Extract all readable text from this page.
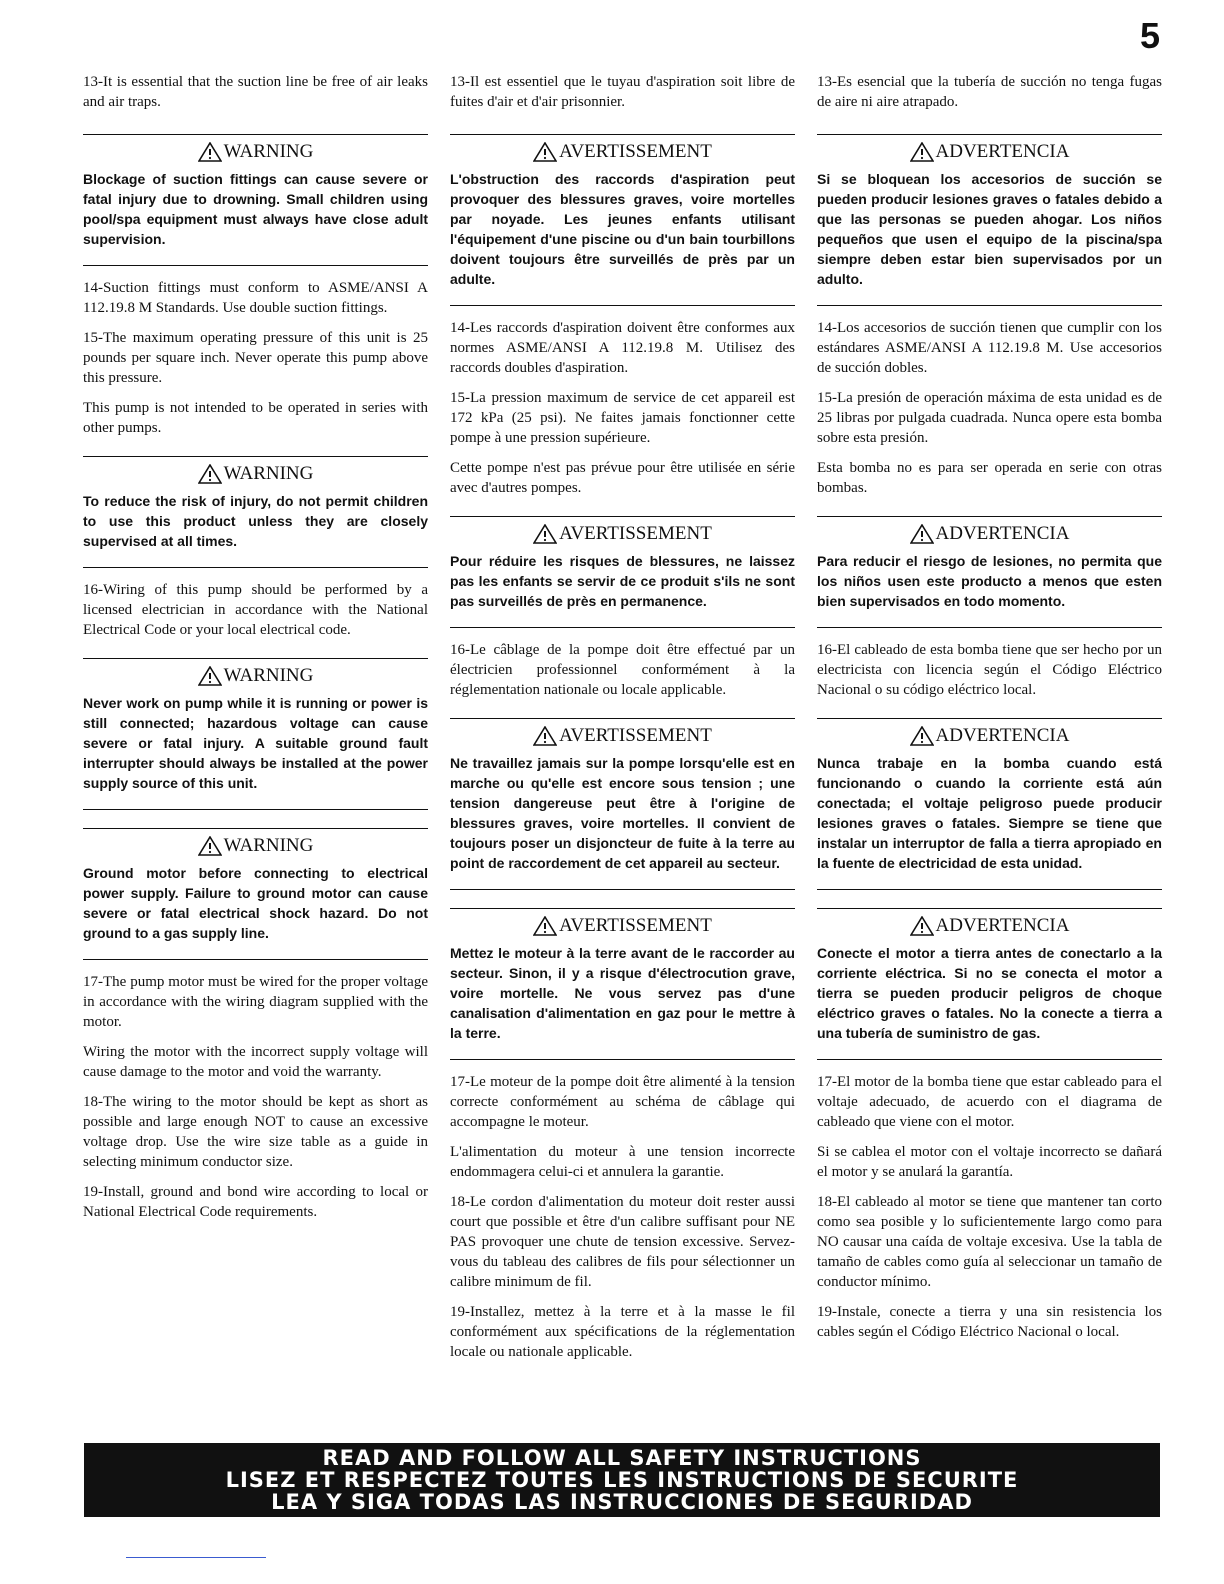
5

13-It is essential that the suction line be free of air leaks and air traps.

WARNING

Blockage of suction fittings can cause severe or fatal injury due to drowning. Small children using pool/spa equipment must always have close adult supervision.

14-Suction fittings must conform to ASME/ANSI A 112.19.8 M Standards. Use double suction fittings.

15-The maximum operating pressure of this unit is 25 pounds per square inch. Never operate this pump above this pressure.

This pump is not intended to be operated in series with other pumps.

WARNING

To reduce the risk of injury, do not permit children to use this product unless they are closely supervised at all times.

16-Wiring of this pump should be performed by a licensed electrician in accordance with the National Electrical Code or your local electrical code.

WARNING

Never work on pump while it is running or power is still connected; hazardous voltage can cause severe or fatal injury. A suitable ground fault interrupter should always be installed at the power supply source of this unit.

WARNING

Ground motor before connecting to electrical power supply. Failure to ground motor can cause severe or fatal electrical shock hazard. Do not ground to a gas supply line.

17-The pump motor must be wired for the proper voltage in accordance with the wiring diagram supplied with the motor.

Wiring the motor with the incorrect supply voltage will cause damage to the motor and void the warranty.

18-The wiring to the motor should be kept as short as possible and large enough NOT to cause an excessive voltage drop. Use the wire size table as a guide in selecting minimum conductor size.

19-Install, ground and bond wire according to local or National Electrical Code requirements.

13-Il est essentiel que le tuyau d'aspiration soit libre de fuites d'air et d'air prisonnier.

AVERTISSEMENT

L'obstruction des raccords d'aspiration peut provoquer des blessures graves, voire mortelles par noyade. Les jeunes enfants utilisant l'équipement d'une piscine ou d'un bain tourbillons doivent toujours être surveillés de près par un adulte.

14-Les raccords d'aspiration doivent être conformes aux normes ASME/ANSI A 112.19.8 M. Utilisez des raccords doubles d'aspiration.

15-La pression maximum de service de cet appareil est 172 kPa (25 psi). Ne faites jamais fonctionner cette pompe à une pression supérieure.

Cette pompe n'est pas prévue pour être utilisée en série avec d'autres pompes.

AVERTISSEMENT

Pour réduire les risques de blessures, ne laissez pas les enfants se servir de ce produit s'ils ne sont pas surveillés de près en permanence.

16-Le câblage de la pompe doit être effectué par un électricien professionnel conformément à la réglementation nationale ou locale applicable.

AVERTISSEMENT

Ne travaillez jamais sur la pompe lorsqu'elle est en marche ou qu'elle est encore sous tension ; une tension dangereuse peut être à l'origine de blessures graves, voire mortelles. Il convient de toujours poser un disjoncteur de fuite à la terre au point de raccordement de cet appareil au secteur.

AVERTISSEMENT

Mettez le moteur à la terre avant de le raccorder au secteur. Sinon, il y a risque d'électrocution grave, voire mortelle. Ne vous servez pas d'une canalisation d'alimentation en gaz pour le mettre à la terre.

17-Le moteur de la pompe doit être alimenté à la tension correcte conformément au schéma de câblage qui accompagne le moteur.

L'alimentation du moteur à une tension incorrecte endommagera celui-ci et annulera la garantie.

18-Le cordon d'alimentation du moteur doit rester aussi court que possible et être d'un calibre suffisant pour NE PAS provoquer une chute de tension excessive. Servez-vous du tableau des calibres de fils pour sélectionner un calibre minimum de fil.

19-Installez, mettez à la terre et à la masse le fil conformément aux spécifications de la réglementation locale ou nationale applicable.

13-Es esencial que la tubería de succión no tenga fugas de aire ni aire atrapado.

ADVERTENCIA

Si se bloquean los accesorios de succión se pueden producir lesiones graves o fatales debido a que las personas se pueden ahogar. Los niños pequeños que usen el equipo de la piscina/spa siempre deben estar bien supervisados por un adulto.

14-Los accesorios de succión tienen que cumplir con los estándares ASME/ANSI A 112.19.8 M. Use accesorios de succión dobles.

15-La presión de operación máxima de esta unidad es de 25 libras por pulgada cuadrada. Nunca opere esta bomba sobre esta presión.

Esta bomba no es para ser operada en serie con otras bombas.

ADVERTENCIA

Para reducir el riesgo de lesiones, no permita que los niños usen este producto a menos que esten bien supervisados en todo momento.

16-El cableado de esta bomba tiene que ser hecho por un electricista con licencia según el Código Eléctrico Nacional o su código eléctrico local.

ADVERTENCIA

Nunca trabaje en la bomba cuando está funcionando o cuando la corriente está aún conectada; el voltaje peligroso puede producir lesiones graves o fatales. Siempre se tiene que instalar un interruptor de falla a tierra apropiado en la fuente de electricidad de esta unidad.

ADVERTENCIA

Conecte el motor a tierra antes de conectarlo a la corriente eléctrica. Si no se conecta el motor a tierra se pueden producir peligros de choque eléctrico graves o fatales. No la conecte a tierra a una tubería de suministro de gas.

17-El motor de la bomba tiene que estar cableado para el voltaje adecuado, de acuerdo con el diagrama de cableado que viene con el motor.

Si se cablea el motor con el voltaje incorrecto se dañará el motor y se anulará la garantía.

18-El cableado al motor se tiene que mantener tan corto como sea posible y lo suficientemente largo como para NO causar una caída de voltaje excesiva. Use la tabla de tamaño de cables como guía al seleccionar un tamaño de conductor mínimo.

19-Instale, conecte a tierra y una sin resistencia los cables según el Código Eléctrico Nacional o local.

READ AND FOLLOW ALL SAFETY INSTRUCTIONS
LISEZ ET RESPECTEZ TOUTES LES INSTRUCTIONS DE SECURITE
LEA Y SIGA TODAS LAS INSTRUCCIONES DE SEGURIDAD
